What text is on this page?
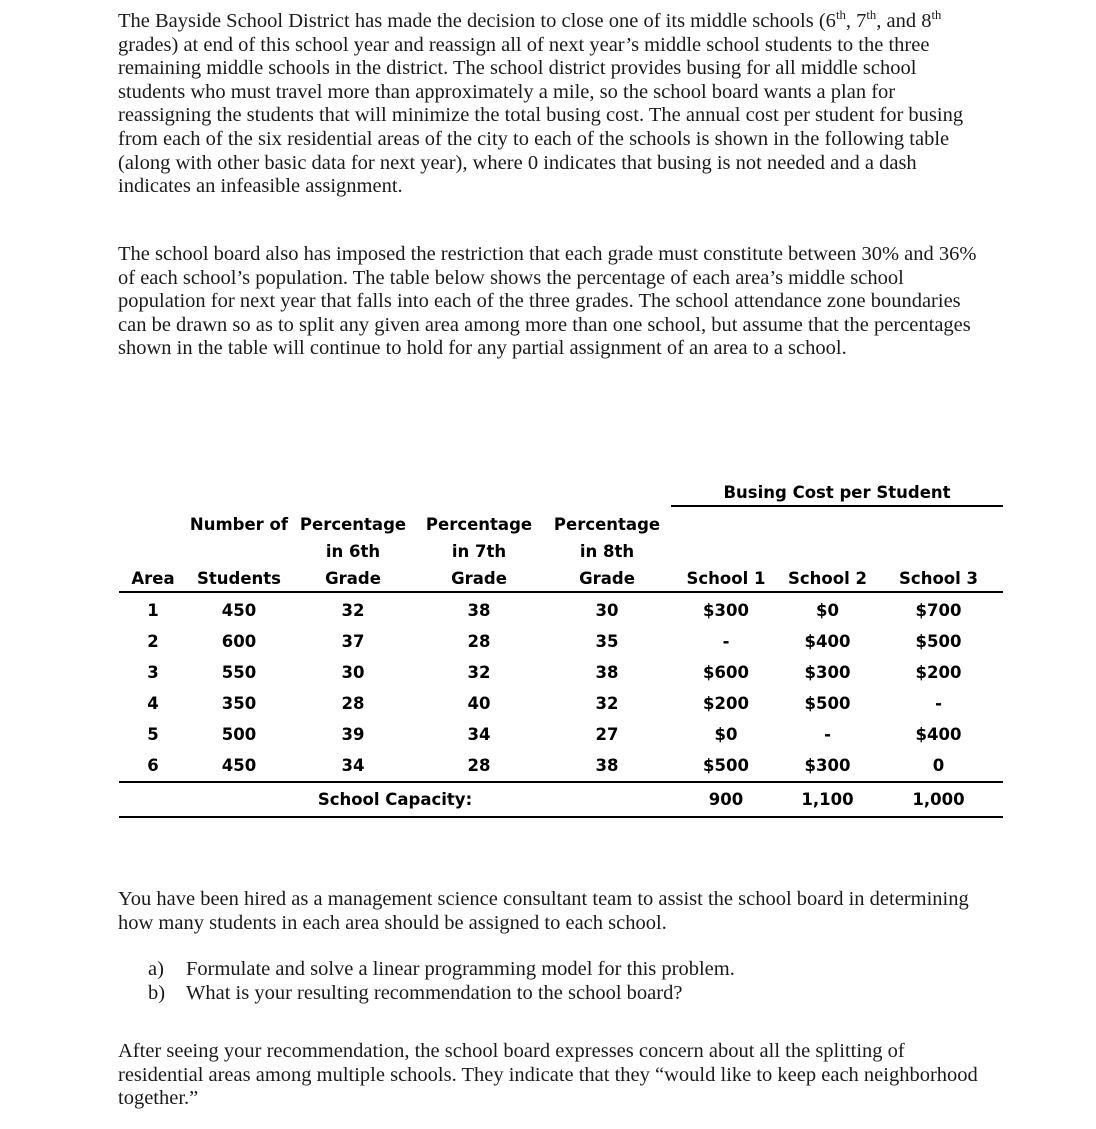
The Bayside School District has made the decision to close one of its middle schools (6th, 7th, and 8th grades) at end of this school year and reassign all of next year’s middle school students to the three remaining middle schools in the district. The school district provides busing for all middle school students who must travel more than approximately a mile, so the school board wants a plan for reassigning the students that will minimize the total busing cost. The annual cost per student for busing from each of the six residential areas of the city to each of the schools is shown in the following table (along with other basic data for next year), where 0 indicates that busing is not needed and a dash indicates an infeasible assignment.
The school board also has imposed the restriction that each grade must constitute between 30% and 36% of each school’s population. The table below shows the percentage of each area’s middle school population for next year that falls into each of the three grades. The school attendance zone boundaries can be drawn so as to split any given area among more than one school, but assume that the percentages shown in the table will continue to hold for any partial assignment of an area to a school.
					Busing Cost per Student		
	Number of	Percentage	Percentage	Percentage			
		in 6th	in 7th	in 8th			
Area	Students	Grade	Grade	Grade	School 1	School 2	School 3
1	450	32	38	30	$300	$0	$700
2	600	37	28	35	-	$400	$500
3	550	30	32	38	$600	$300	$200
4	350	28	40	32	$200	$500	-
5	500	39	34	27	$0	-	$400
6	450	34	28	38	$500	$300	0
School Capacity:					900	1,100	1,000
You have been hired as a management science consultant team to assist the school board in determining how many students in each area should be assigned to each school.
a)	Formulate and solve a linear programming model for this problem.
b)	What is your resulting recommendation to the school board?
After seeing your recommendation, the school board expresses concern about all the splitting of residential areas among multiple schools. They indicate that they “would like to keep each neighborhood together.”
